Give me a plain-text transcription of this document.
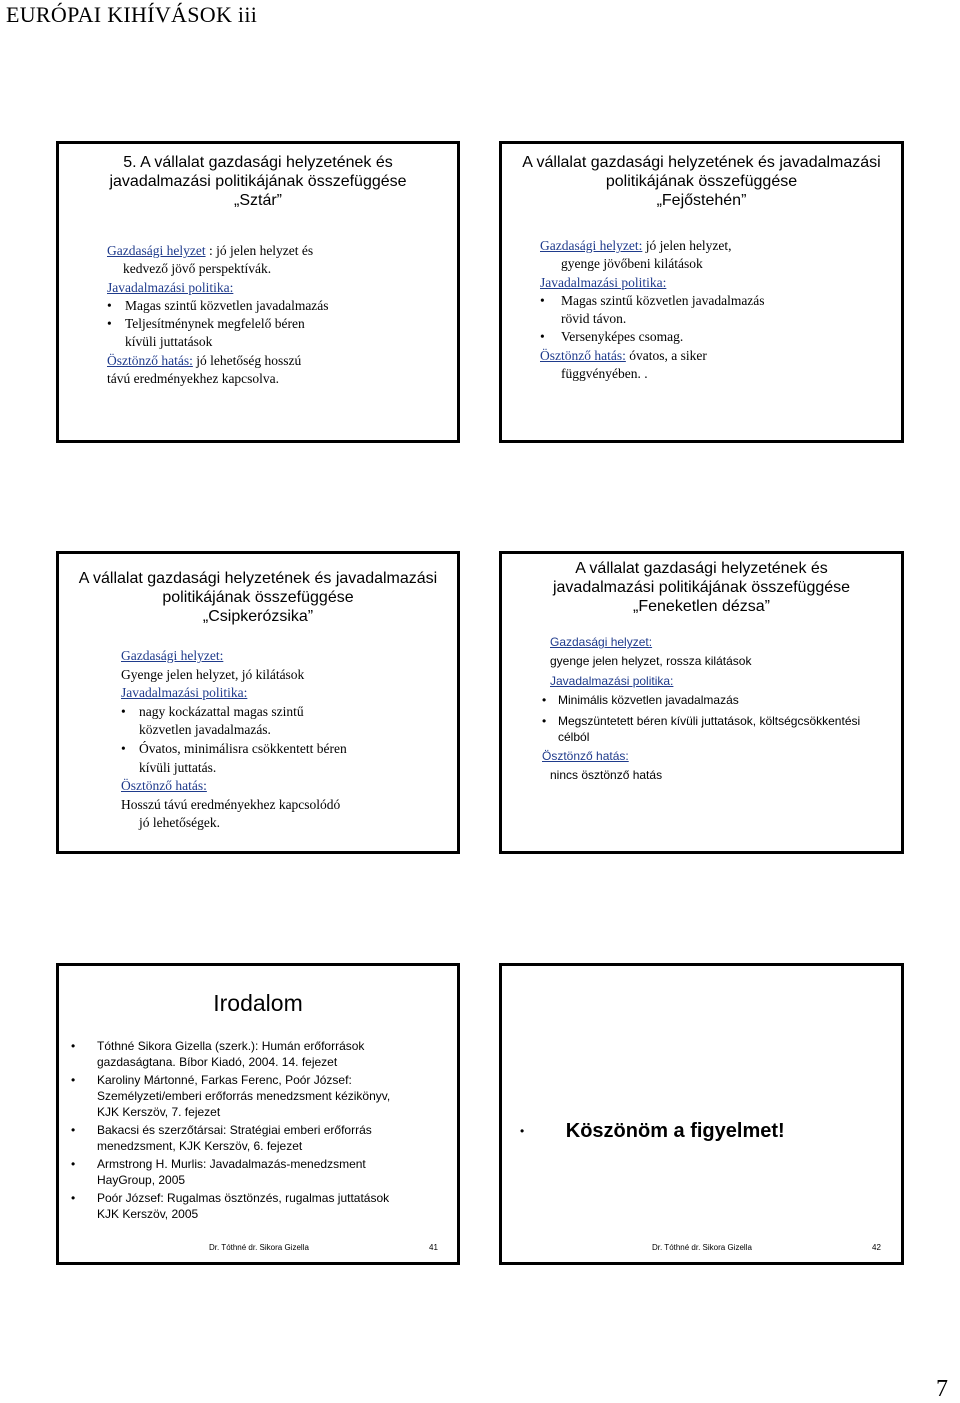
EURÓPAI KIHÍVÁSOK iii
5. A vállalat gazdasági helyzetének és
javadalmazási politikájának összefüggése
„Sztár”
Gazdasági helyzet : jó jelen helyzet és
kedvező jövő perspektívák.
Javadalmazási politika:
• Magas szintű közvetlen javadalmazás
• Teljesítménynek megfelelő béren
kívüli juttatások
Ösztönző hatás: jó lehetőség hosszú
távú eredményekhez kapcsolva.
A vállalat gazdasági helyzetének és javadalmazási
politikájának összefüggése
„Fejőstehén”
Gazdasági helyzet: jó jelen helyzet,
gyenge jövőbeni kilátások
Javadalmazási politika:
• Magas szintű közvetlen javadalmazás
rövid távon.
• Versenyképes csomag.
Ösztönző hatás: óvatos, a siker
függvényében. .
A vállalat gazdasági helyzetének és javadalmazási
politikájának összefüggése
„Csipkerózsika”
Gazdasági helyzet:
Gyenge jelen helyzet, jó kilátások
Javadalmazási politika:
• nagy kockázattal magas szintű
közvetlen javadalmazás.
• Óvatos, minimálisra csökkentett béren
kívüli juttatás.
Ösztönző hatás:
Hosszú távú eredményekhez kapcsolódó
jó lehetőségek.
A vállalat gazdasági helyzetének és
javadalmazási politikájának összefüggése
„Feneketlen dézsa”
Gazdasági helyzet:
gyenge jelen helyzet, rossza kilátások
Javadalmazási politika:
• Minimális közvetlen javadalmazás
• Megszüntetett béren kívüli juttatások, költségcsökkentési
célból
Ösztönző hatás:
nincs ösztönző hatás
Irodalom
• Tóthné Sikora Gizella (szerk.): Humán erőforrások
gazdaságtana. Bíbor Kiadó, 2004. 14. fejezet
• Karoliny Mártonné, Farkas Ferenc, Poór József:
Személyzeti/emberi erőforrás menedzsment kézikönyv,
KJK Kerszöv, 7. fejezet
• Bakacsi és szerzőtársai: Stratégiai emberi erőforrás
menedzsment, KJK Kerszöv, 6. fejezet
• Armstrong H. Murlis: Javadalmazás-menedzsment
HayGroup, 2005
• Poór József: Rugalmas ösztönzés, rugalmas juttatások
KJK Kerszöv, 2005
Dr. Tóthné dr. Sikora Gizella	41
• Köszönöm a figyelmet!
Dr. Tóthné dr. Sikora Gizella	42
7
